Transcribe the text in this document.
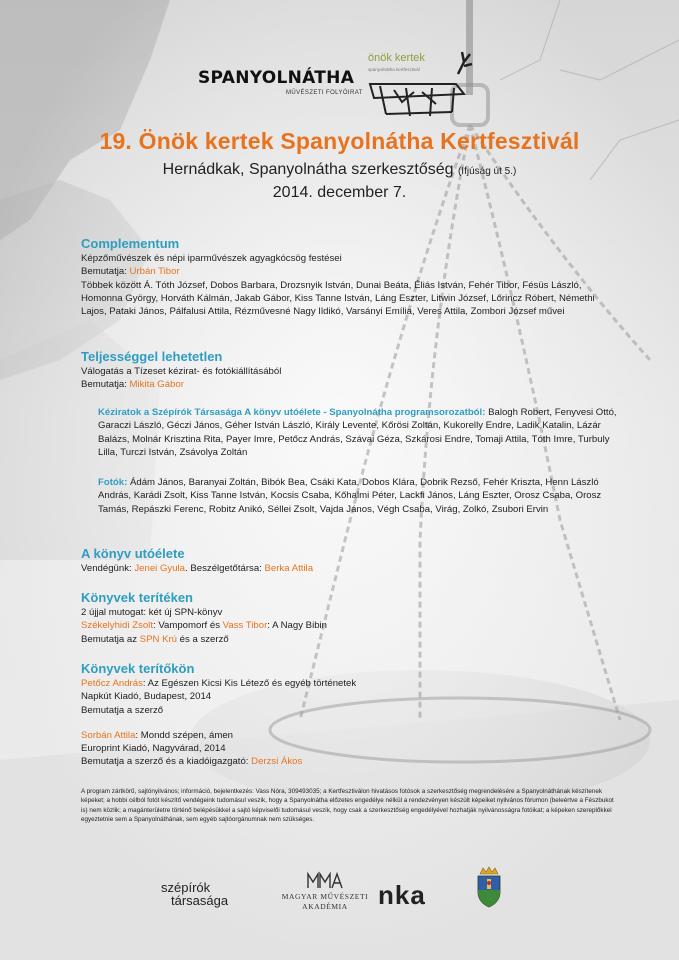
SPANYOLNÁTHA
MŰVÉSZETI FOLYÓIRAT
önök kertek
spanyolnátha kertfesztivál
19. Önök kertek Spanyolnátha Kertfesztivál
Hernádkak, Spanyolnátha szerkesztőség (Ifjúság út 5.)
2014. december 7.

Complementum

Képzőművészek és népi iparművészek agyagkócsög festései

Bemutatja: Urbán Tibor

Többek között Á. Tóth József, Dobos Barbara, Drozsnyik István, Dunai Beáta, Éliás István, Fehér Tibor, Fésüs László, Homonna György, Horváth Kálmán, Jakab Gábor, Kiss Tanne István, Láng Eszter, Litwin József, Lőrincz Róbert, Némethi Lajos, Pataki János, Pálfalusi Attila, Rézművesné Nagy Ildikó, Varsányi Emília, Veres Attila, Zombori József művei

Teljességgel lehetetlen

Válogatás a Tízeset kézirat- és fotókiállításából

Bemutatja: Mikita Gábor

Kéziratok a Szépírók Társasága A könyv utóélete - Spanyolnátha programsorozatból: Balogh Robert, Fenyvesi Ottó, Garaczi László, Géczi János, Géher István László, Király Levente, Kőrösi Zoltán, Kukorelly Endre, Ladik Katalin, Lázár Balázs, Molnár Krisztina Rita, Payer Imre, Petőcz András, Szávai Géza, Szkárosi Endre, Tomaji Attila, Tóth Imre, Turbuly Lilla, Turczi István, Zsávolya Zoltán

Fotók: Ádám János, Baranyai Zoltán, Bibók Bea, Csáki Kata, Dobos Klára, Dobrik Rezső, Fehér Kriszta, Henn László András, Karádi Zsolt, Kiss Tanne István, Kocsis Csaba, Kőhalmi Péter, Lackfi János, Láng Eszter, Orosz Csaba, Orosz Tamás, Repászki Ferenc, Robitz Anikó, Séllei Zsolt, Vajda János, Végh Csaba, Virág, Zolkó, Zsubori Ervin

A könyv utóélete

Vendégünk: Jenei Gyula. Beszélgetőtársa: Berka Attila

Könyvek terítéken

2 újjal mutogat: két új SPN-könyv

Székelyhidi Zsolt: Vampomorf és Vass Tibor: A Nagy Bibin

Bemutatja az SPN Krú és a szerző

Könyvek terítőkön

Petőcz András: Az Egészen Kicsi Kis Létező és egyéb történetek

Napkút Kiadó, Budapest, 2014

Bemutatja a szerző

Sorbán Attila: Mondd szépen, ámen

Europrint Kiadó, Nagyvárad, 2014

Bemutatja a szerző és a kiadóigazgató: Derzsi Ákos

A program zártkörű, sajtónyilvános; információ, bejelentkezés: Vass Nóra, 309493035; a Kertfesztiválon hivatásos fotósok a szerkesztőség megrendelésére a Spanyolnáthának készítenek képeket; a hobbi célból fotót készítő vendégeink tudomásul veszik, hogy a Spanyolnátha előzetes engedélye nélkül a rendezvényen készült képeiket nyilvános fórumon (beleértve a Fészbukot is) nem közlik; a magánterületre történő belépésükkel a sajtó képviselői tudomásul veszik, hogy csak a szerkesztőség engedélyével hozhatják nyilvánosságra fotóikat; a képeken szereplőkkel egyeztetnie sem a Spanyolnáthának, sem egyéb sajtóorgánumnak nem szükséges.
szépírók
társasága	MAGYAR MŰVÉSZETI
AKADÉMIA	nka
